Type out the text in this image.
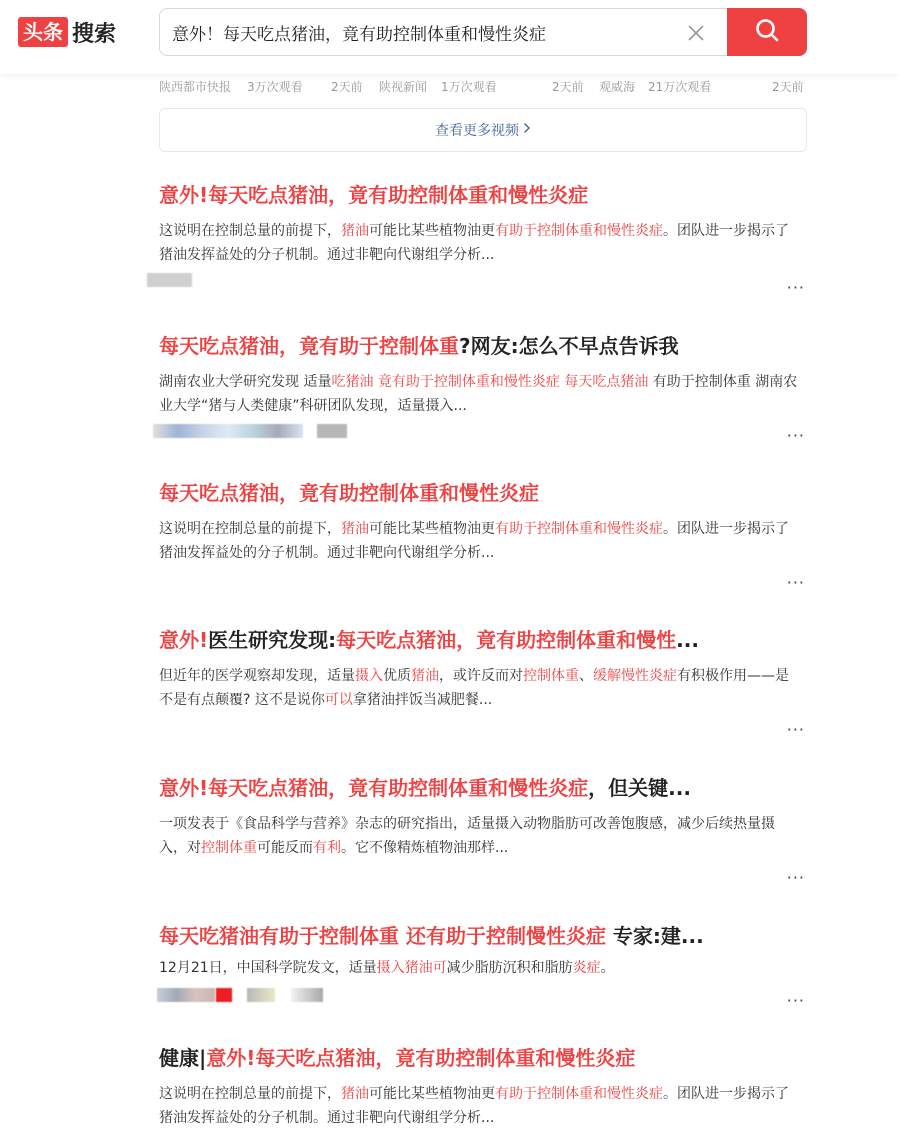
头条 搜索
意外！每天吃点猪油，竟有助控制体重和慢性炎症
陕西都市快报 3万次观看 2天前 陕视新闻 1万次观看	2天前 观威海 21万次观看	2天前
查看更多视频
意外!每天吃点猪油，竟有助控制体重和慢性炎症
这说明在控制总量的前提下，猪油可能比某些植物油更有助于控制体重和慢性炎症。团队进一步揭示了猪油发挥益处的分子机制。通过非靶向代谢组学分析...
···
每天吃点猪油，竟有助于控制体重?网友:怎么不早点告诉我
湖南农业大学研究发现 适量吃猪油 竟有助于控制体重和慢性炎症 每天吃点猪油 有助于控制体重 湖南农业大学“猪与人类健康”科研团队发现，适量摄入...
···
每天吃点猪油，竟有助控制体重和慢性炎症
这说明在控制总量的前提下，猪油可能比某些植物油更有助于控制体重和慢性炎症。团队进一步揭示了猪油发挥益处的分子机制。通过非靶向代谢组学分析...
···
意外!医生研究发现:每天吃点猪油，竟有助控制体重和慢性...
但近年的医学观察却发现，适量摄入优质猪油，或许反而对控制体重、缓解慢性炎症有积极作用——是不是有点颠覆? 这不是说你可以拿猪油拌饭当减肥餐...
···
意外!每天吃点猪油，竟有助控制体重和慢性炎症，但关键...
一项发表于《食品科学与营养》杂志的研究指出，适量摄入动物脂肪可改善饱腹感，减少后续热量摄入，对控制体重可能反而有利。它不像精炼植物油那样...
···
每天吃猪油有助于控制体重 还有助于控制慢性炎症 专家:建...
12月21日，中国科学院发文，适量摄入猪油可减少脂肪沉积和脂肪炎症。
···
健康|意外!每天吃点猪油，竟有助控制体重和慢性炎症
这说明在控制总量的前提下，猪油可能比某些植物油更有助于控制体重和慢性炎症。团队进一步揭示了猪油发挥益处的分子机制。通过非靶向代谢组学分析...
